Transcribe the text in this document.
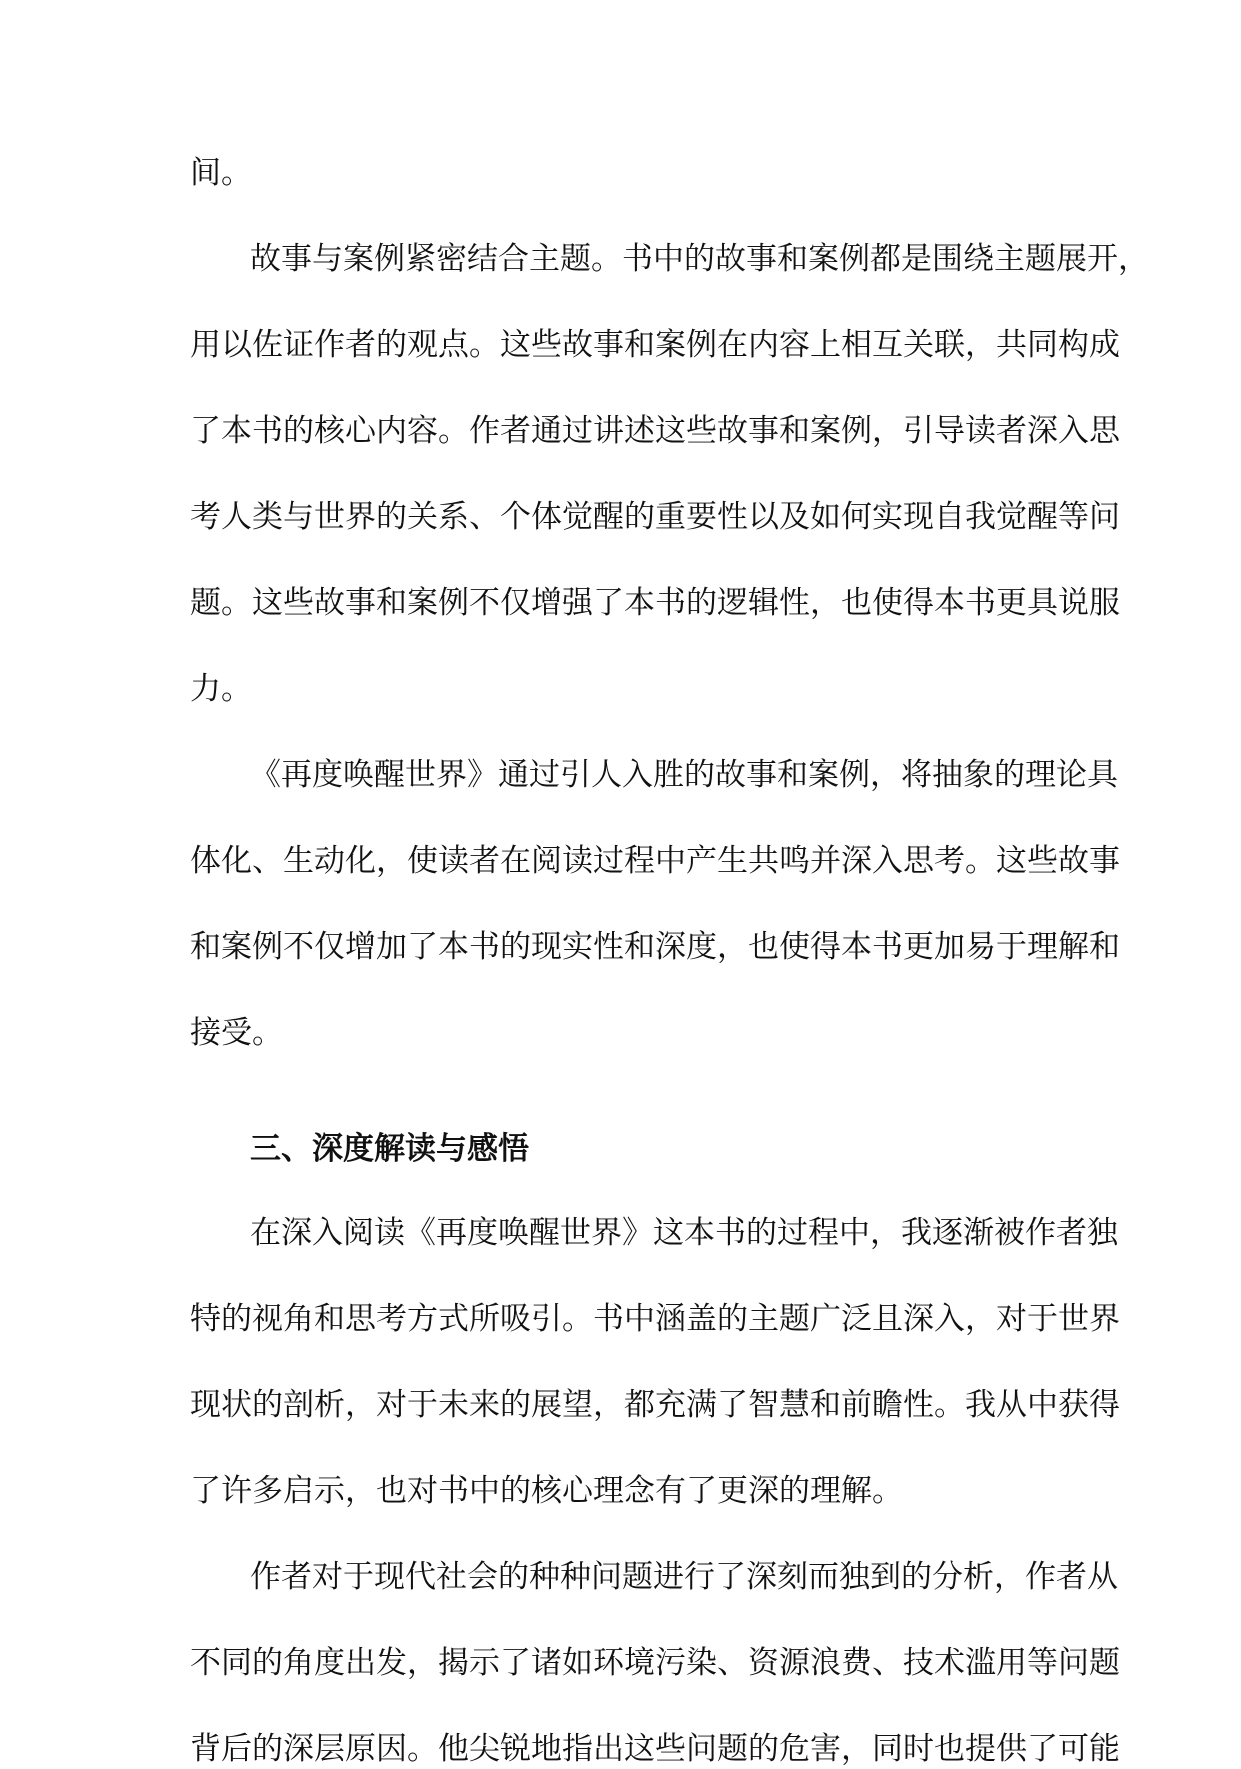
间。

故事与案例紧密结合主题。书中的故事和案例都是围绕主题展开，

用以佐证作者的观点。这些故事和案例在内容上相互关联，共同构成

了本书的核心内容。作者通过讲述这些故事和案例，引导读者深入思

考人类与世界的关系、个体觉醒的重要性以及如何实现自我觉醒等问

题。这些故事和案例不仅增强了本书的逻辑性，也使得本书更具说服

力。

《再度唤醒世界》通过引人入胜的故事和案例，将抽象的理论具

体化、生动化，使读者在阅读过程中产生共鸣并深入思考。这些故事

和案例不仅增加了本书的现实性和深度，也使得本书更加易于理解和

接受。

三、深度解读与感悟

在深入阅读《再度唤醒世界》这本书的过程中，我逐渐被作者独

特的视角和思考方式所吸引。书中涵盖的主题广泛且深入，对于世界

现状的剖析，对于未来的展望，都充满了智慧和前瞻性。我从中获得

了许多启示，也对书中的核心理念有了更深的理解。

作者对于现代社会的种种问题进行了深刻而独到的分析，作者从

不同的角度出发，揭示了诸如环境污染、资源浪费、技术滥用等问题

背后的深层原因。他尖锐地指出这些问题的危害，同时也提供了可能
